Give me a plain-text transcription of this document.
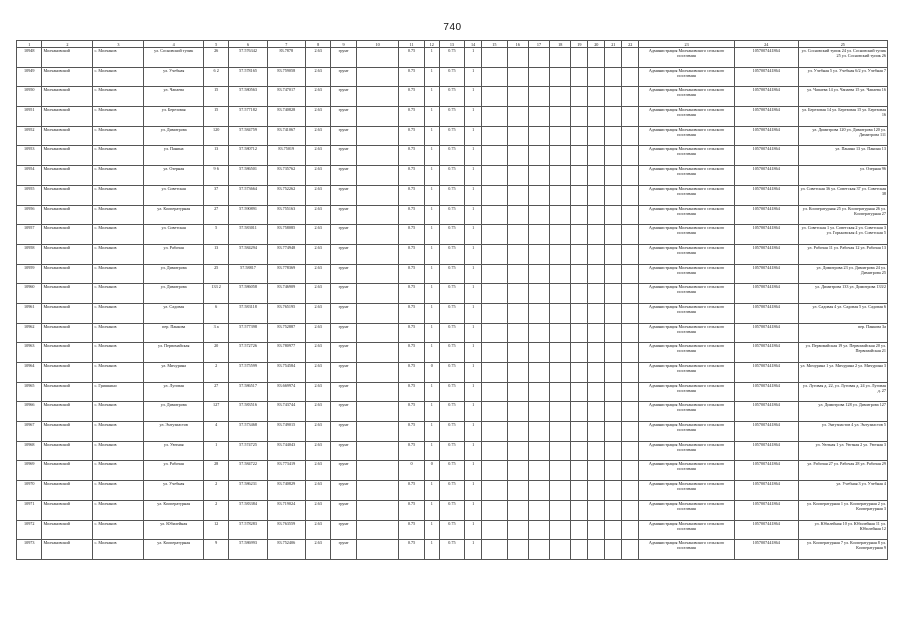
740
1	2	3	4	5	6	7	8	9	10	11	12	13	14	15	16	17	18	19	20	21	22	23	24	25
10948	Молчановский	с. Молчанов	ул. Сосновский тупик	26	57.576342	83.7878	2.63	грунт		0.75	1	0.75	1									Администрация Молчановского сельского поселения	1057007441864	ул. Сосновский тупик 24 ул. Сосновский тупик 25 ул. Сосновский тупик 26
10949	Молчановский	с. Молчанов	ул. Учебная	6 2	57.578165	83.759058	2.63	грунт		0.75	1	0.75	1									Администрация Молчановского сельского поселения	1057007441864	ул. Учебная 5 ул. Учебная 6/2 ул. Учебная 7
10950	Молчановский	с. Молчанов	ул. Чапаева	15	57.580563	83.747017	2.63	грунт		0.75	1	0.75	1									Администрация Молчановского сельского поселения	1057007441864	ул. Чапаева 14 ул. Чапаева 15 ул. Чапаева 16
10951	Молчановский	с. Молчанов	ул. Березовая	15	57.577182	83.740828	2.63	грунт		0.75	1	0.75	1									Администрация Молчановского сельского поселения	1057007441864	ул. Березовая 14 ул. Березовая 15 ул. Березовая 16
10952	Молчановский	с. Молчанов	ул. Димитрова	120	57.584759	83.741067	2.63	грунт		0.75	1	0.75	1									Администрация Молчановского сельского поселения	1057007441864	ул. Димитрова 120 ул. Димитрова 120 ул. Димитрова 111
10953	Молчановский	с. Молчанов	ул. Панина	13	57.580712	83.75019	2.63	грунт		0.75	1	0.75	1									Администрация Молчановского сельского поселения	1057007441864	ул. Панина 13 ул. Панина 13
10954	Молчановский	с. Молчанов	ул. Озерная	9 6	57.586501	83.735762	2.63	грунт		0.75	1	0.75	1									Администрация Молчановского сельского поселения	1057007441864	ул. Озерная 96
10955	Молчановский	с. Молчанов	ул. Советская	37	57.573664	83.752262	2.63	грунт		0.75	1	0.75	1									Администрация Молчановского сельского поселения	1057007441864	ул. Советская 36 ул. Советская 37 ул. Советская 38
10956	Молчановский	с. Молчанов	ул. Коопературная	27	57.590891	83.755163	2.63	грунт		0.75	1	0.75	1									Администрация Молчановского сельского поселения	1057007441864	ул. Коопературная 25 ул. Коопературная 26 ул. Коопературная 27
10957	Молчановский	с. Молчанов	ул. Советская	5	57.583011	83.758085	2.63	грунт		0.75	1	0.75	1									Администрация Молчановского сельского поселения	1057007441864	ул. Советская 1 ул. Советская 2 ул. Советская 3 ул. Горьковская 4 ул. Советская 5
10958	Молчановский	с. Молчанов	ул. Рабочая	13	57.584294	83.774948	2.63	грунт		0.75	1	0.75	1									Администрация Молчановского сельского поселения	1057007441864	ул. Рабочая 11 ул. Рабочая 12 ул. Рабочая 13
10959	Молчановский	с. Молчанов	ул. Димитрова	25	57.58817	83.778369	2.63	грунт		0.75	1	0.75	1									Администрация Молчановского сельского поселения	1057007441864	ул. Димитрова 23 ул. Димитрова 24 ул. Димитрова 25
10960	Молчановский	с. Молчанов	ул. Димитрова	133 2	57.586058	83.746909	2.63	грунт		0.75	1	0.75	1									Администрация Молчановского сельского поселения	1057007441864	ул. Димитрова 133 ул. Димитрова 133/2
10961	Молчановский	с. Молчанов	ул. Садовая	6	57.583118	83.765195	2.63	грунт		0.75	1	0.75	1									Администрация Молчановского сельского поселения	1057007441864	ул. Садовая 4 ул. Садовая 5 ул. Садовая 6
10962	Молчановский	с. Молчанов	пер. Панкова	3 а	57.577398	83.752887	2.63	грунт		0.75	1	0.75	1									Администрация Молчановского сельского поселения	1057007441864	пер. Панкова 3а
10963	Молчановский	с. Молчанов	ул. Первомайская	20	57.572726	83.780977	2.63	грунт		0.75	1	0.75	1									Администрация Молчановского сельского поселения	1057007441864	ул. Первомайская 19 ул. Первомайская 20 ул. Первомайская 21
10964	Молчановский	с. Молчанов	ул. Мичурина	2	57.575599	83.754584	2.63	грунт		0.75	0	0.75	1									Администрация Молчановского сельского поселения	1057007441864	ул. Мичурина 1 ул. Мичурина 2 ул. Мичурина 3
10965	Молчановский	с. Гришкино	ул. Луговая	27	57.586517	83.669974	2.63	грунт		0.75	1	0.75	1									Администрация Молчановского сельского поселения	1057007441864	ул. Луговая д. 22, ул. Луговая д. 24 ул. Луговая д. 27
10966	Молчановский	с. Молчанов	ул. Димитрова	127	57.583516	83.743744	2.63	грунт		0.75	1	0.75	1									Администрация Молчановского сельского поселения	1057007441864	ул. Димитрова 128 ул. Димитрова 127
10967	Молчановский	с. Молчанов	ул. Энтузиастов	4	57.573468	83.749015	2.63	грунт		0.75	1	0.75	1									Администрация Молчановского сельского поселения	1057007441864	ул. Энтузиастов 4 ул. Энтузиастов 5
10968	Молчановский	с. Молчанов	ул. Уютная	1	57.574725	83.744043	2.63	грунт		0.75	1	0.75	1									Администрация Молчановского сельского поселения	1057007441864	ул. Уютная 1 ул. Уютная 2 ул. Уютная 3
10969	Молчановский	с. Молчанов	ул. Рабочая	28	57.584722	83.773419	2.63	грунт		0	0	0.75	1									Администрация Молчановского сельского поселения	1057007441864	ул. Рабочая 27 ул. Рабочая 28 ул. Рабочая 29
10970	Молчановский	с. Молчанов	ул. Учебная	2	57.586231	83.740829	2.63	грунт		0.75	1	0.75	1									Администрация Молчановского сельского поселения	1057007441864	ул. Учебная 3 ул. Учебная 4
10971	Молчановский	с. Молчанов	ул. Коопературная	2	57.583384	83.719024	2.63	грунт		0.75	1	0.75	1									Администрация Молчановского сельского поселения	1057007441864	ул. Коопературная 1 ул. Коопературная 2 ул. Коопературная 3
10972	Молчановский	с. Молчанов	ул. Юбилейная	12	57.578283	83.763559	2.63	грунт		0.75	1	0.75	1									Администрация Молчановского сельского поселения	1057007441864	ул. Юбилейная 10 ул. Юбилейная 11 ул. Юбилейная 12
10973	Молчановский	с. Молчанов	ул. Коопературная	9	57.586993	83.752406	2.63	грунт		0.75	1	0.75	1									Администрация Молчановского сельского поселения	1057007441864	ул. Коопературная 7 ул. Коопературная 8 ул. Коопературная 9
